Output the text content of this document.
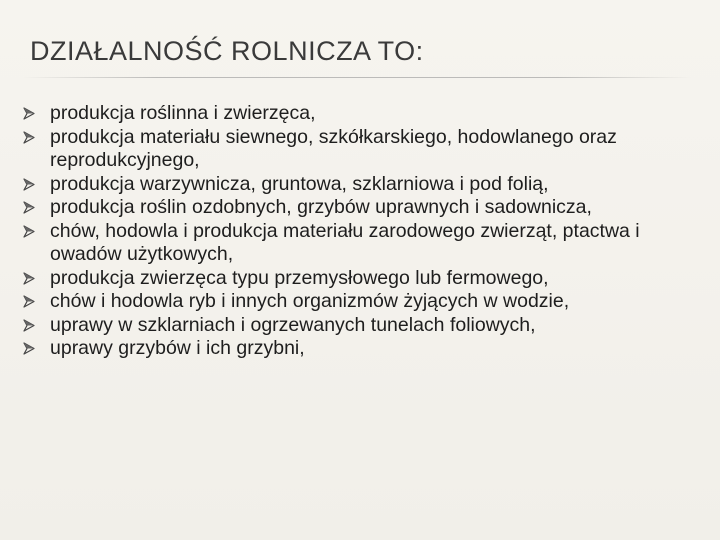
DZIAŁALNOŚĆ ROLNICZA TO:
produkcja roślinna i zwierzęca,
produkcja materiału siewnego, szkółkarskiego, hodowlanego oraz reprodukcyjnego,
produkcja warzywnicza, gruntowa, szklarniowa i pod folią,
produkcja roślin ozdobnych, grzybów uprawnych i sadownicza,
chów, hodowla i produkcja materiału zarodowego zwierząt, ptactwa i owadów użytkowych,
produkcja zwierzęca typu przemysłowego lub fermowego,
chów i hodowla ryb i innych organizmów żyjących w wodzie,
uprawy w szklarniach i ogrzewanych tunelach foliowych,
uprawy grzybów i ich grzybni,
